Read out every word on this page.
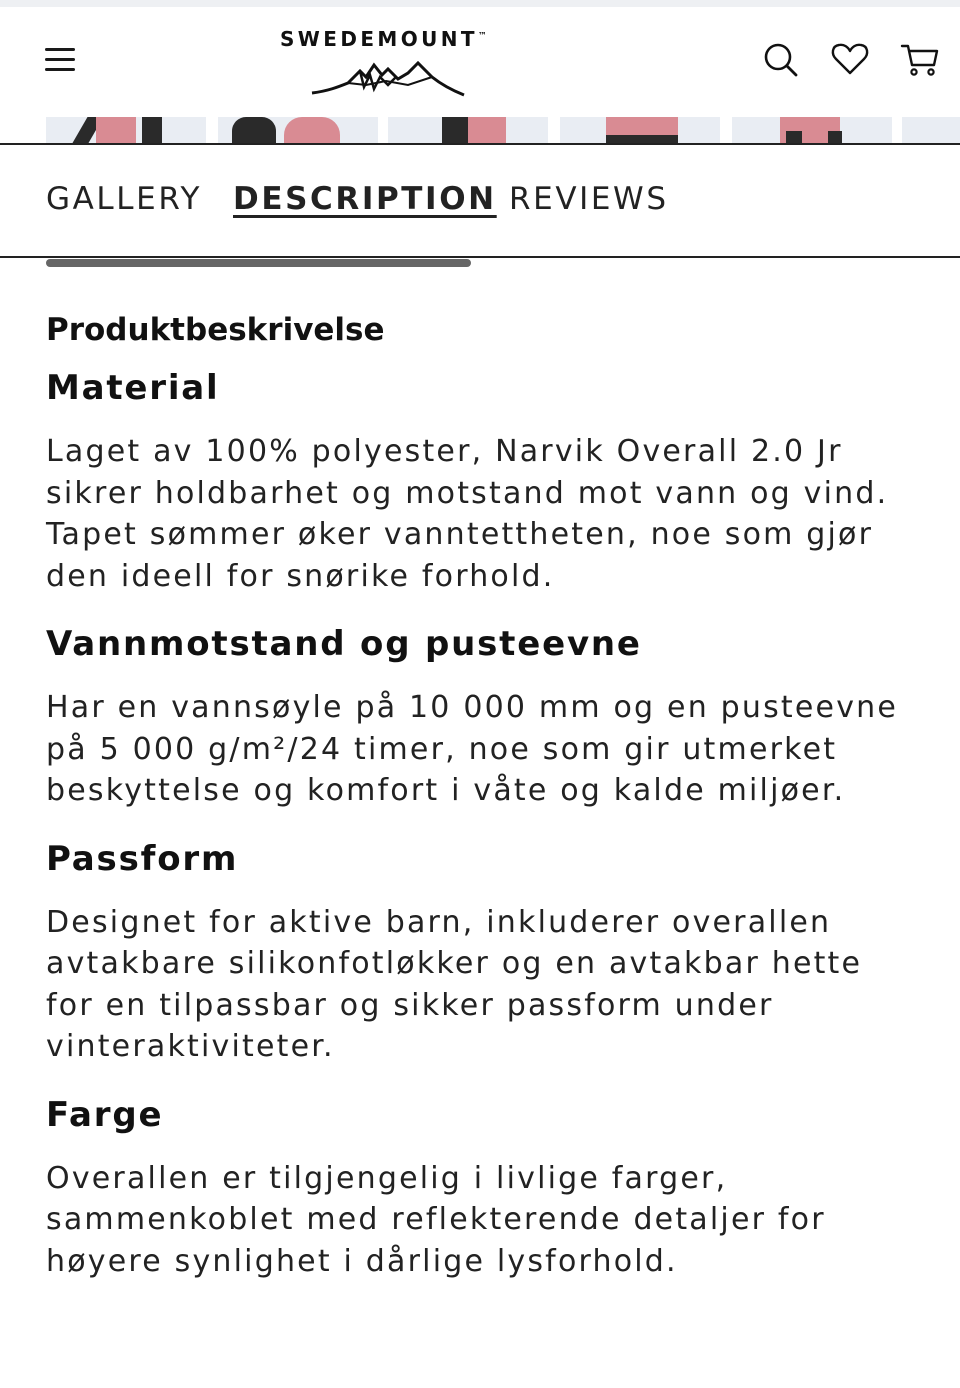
SWEDEMOUNT™
GALLERY DESCRIPTION REVIEWS
Produktbeskrivelse
Material

Laget av 100% polyester, Narvik Overall 2.0 Jr
sikrer holdbarhet og motstand mot vann og vind.
Tapet sømmer øker vanntettheten, noe som gjør
den ideell for snørike forhold.

Vannmotstand og pusteevne

Har en vannsøyle på 10 000 mm og en pusteevne
på 5 000 g/m²/24 timer, noe som gir utmerket
beskyttelse og komfort i våte og kalde miljøer.

Passform

Designet for aktive barn, inkluderer overallen
avtakbare silikonfotløkker og en avtakbar hette
for en tilpassbar og sikker passform under
vinteraktiviteter.

Farge

Overallen er tilgjengelig i livlige farger,
sammenkoblet med reflekterende detaljer for
høyere synlighet i dårlige lysforhold.
